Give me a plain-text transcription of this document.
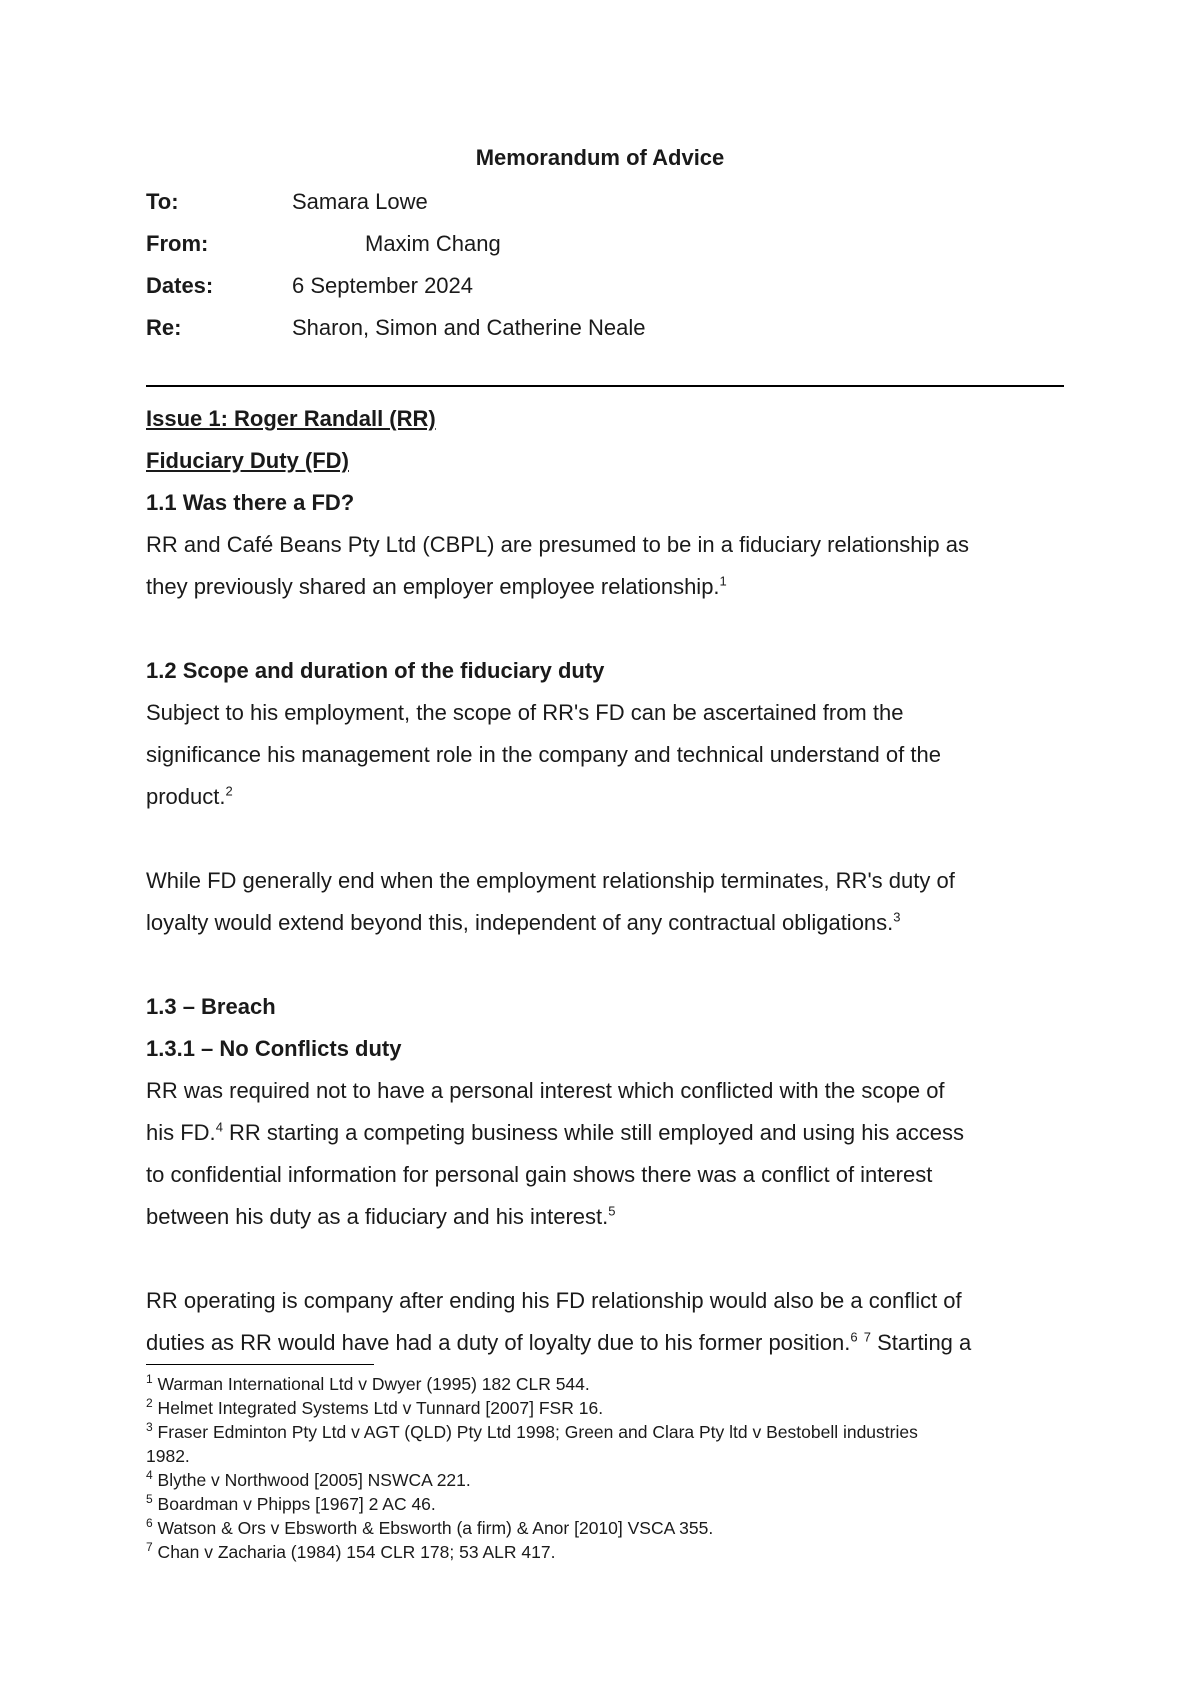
Memorandum of Advice
To:	Samara Lowe
From:	Maxim Chang
Dates:	6 September 2024
Re:	Sharon, Simon and Catherine Neale
Issue 1: Roger Randall (RR)
Fiduciary Duty (FD)
1.1 Was there a FD?
RR and Café Beans Pty Ltd (CBPL) are presumed to be in a fiduciary relationship as
they previously shared an employer employee relationship.$^1$
1.2 Scope and duration of the fiduciary duty
Subject to his employment, the scope of RR's FD can be ascertained from the
significance his management role in the company and technical understand of the
product.$^2$
While FD generally end when the employment relationship terminates, RR's duty of
loyalty would extend beyond this, independent of any contractual obligations.$^3$
1.3 – Breach
1.3.1 – No Conflicts duty
RR was required not to have a personal interest which conflicted with the scope of
his FD.$^4$ RR starting a competing business while still employed and using his access
to confidential information for personal gain shows there was a conflict of interest
between his duty as a fiduciary and his interest.$^5$
RR operating is company after ending his FD relationship would also be a conflict of
duties as RR would have had a duty of loyalty due to his former position.$^6$ $^7$ Starting a
$^1$ Warman International Ltd v Dwyer (1995) 182 CLR 544.
$^2$ Helmet Integrated Systems Ltd v Tunnard [2007] FSR 16.
$^3$ Fraser Edminton Pty Ltd v AGT (QLD) Pty Ltd 1998; Green and Clara Pty ltd v Bestobell industries
1982.
$^4$ Blythe v Northwood [2005] NSWCA 221.
$^5$ Boardman v Phipps [1967] 2 AC 46.
$^6$ Watson & Ors v Ebsworth & Ebsworth (a firm) & Anor [2010] VSCA 355.
$^7$ Chan v Zacharia (1984) 154 CLR 178; 53 ALR 417.
